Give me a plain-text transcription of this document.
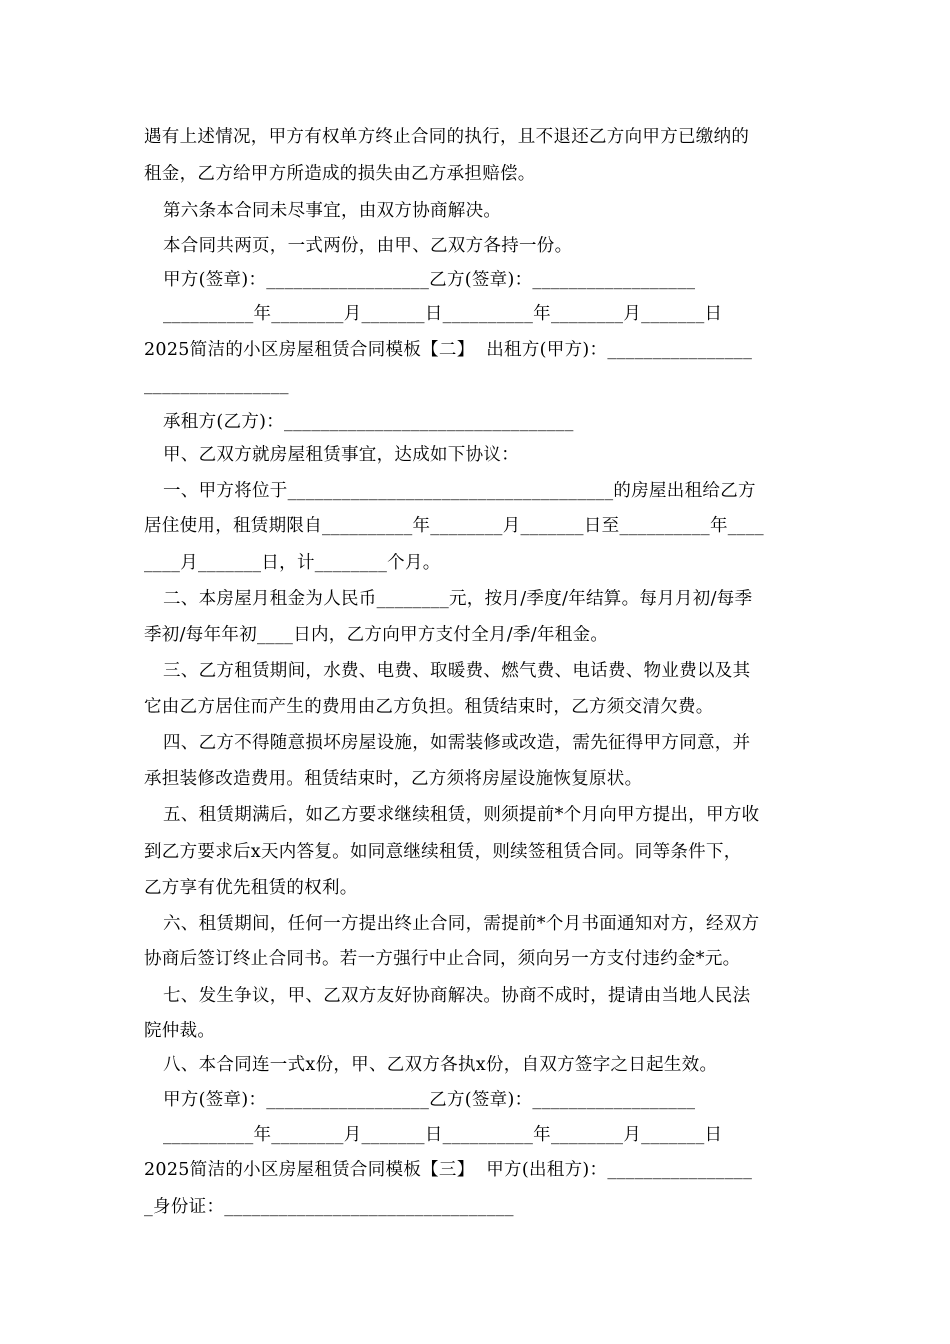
遇有上述情况，甲方有权单方终止合同的执行，且不退还乙方向甲方已缴纳的
租金，乙方给甲方所造成的损失由乙方承担赔偿。
第六条本合同未尽事宜，由双方协商解决。
本合同共两页，一式两份，由甲、乙双方各持一份。
甲方(签章)：__________________乙方(签章)：__________________
__________年________月_______日__________年________月_______日
2025简洁的小区房屋租赁合同模板【二】  出租方(甲方)：________________
________________
承租方(乙方)：________________________________
甲、乙双方就房屋租赁事宜，达成如下协议：
一、甲方将位于____________________________________的房屋出租给乙方
居住使用，租赁期限自__________年________月_______日至__________年____
____月_______日，计________个月。
二、本房屋月租金为人民币________元，按月/季度/年结算。每月月初/每季
季初/每年年初____日内，乙方向甲方支付全月/季/年租金。
三、乙方租赁期间，水费、电费、取暖费、燃气费、电话费、物业费以及其
它由乙方居住而产生的费用由乙方负担。租赁结束时，乙方须交清欠费。
四、乙方不得随意损坏房屋设施，如需装修或改造，需先征得甲方同意，并
承担装修改造费用。租赁结束时，乙方须将房屋设施恢复原状。
五、租赁期满后，如乙方要求继续租赁，则须提前*个月向甲方提出，甲方收
到乙方要求后x天内答复。如同意继续租赁，则续签租赁合同。同等条件下，
乙方享有优先租赁的权利。
六、租赁期间，任何一方提出终止合同，需提前*个月书面通知对方，经双方
协商后签订终止合同书。若一方强行中止合同，须向另一方支付违约金*元。
七、发生争议，甲、乙双方友好协商解决。协商不成时，提请由当地人民法
院仲裁。
八、本合同连一式x份，甲、乙双方各执x份，自双方签字之日起生效。
甲方(签章)：__________________乙方(签章)：__________________
__________年________月_______日__________年________月_______日
2025简洁的小区房屋租赁合同模板【三】  甲方(出租方)：________________
_身份证：________________________________
